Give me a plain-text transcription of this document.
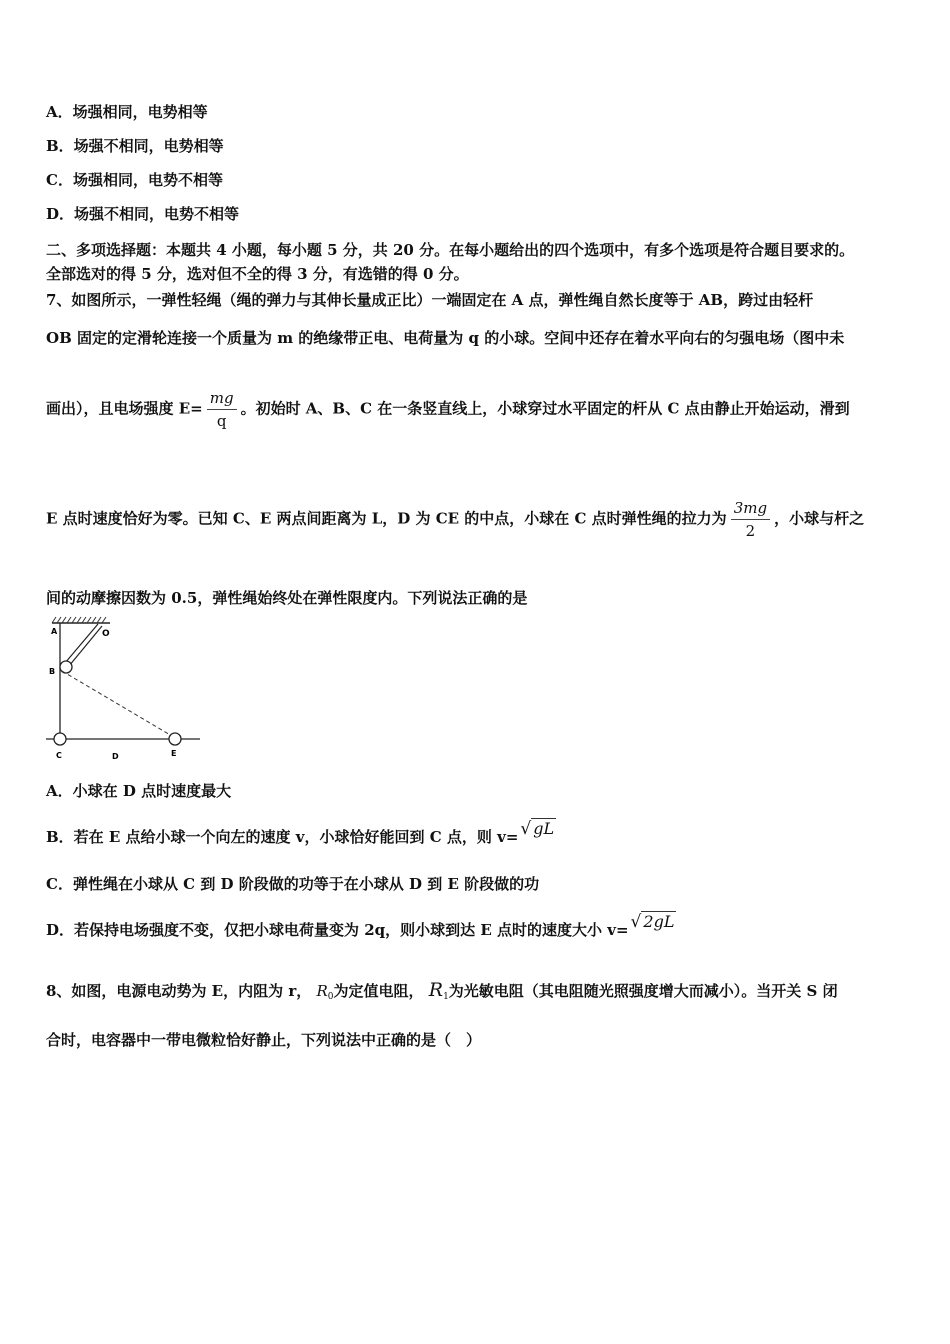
A．场强相同，电势相等
B．场强不相同，电势相等
C．场强相同，电势不相等
D．场强不相同，电势不相等
二、多项选择题：本题共 4 小题，每小题 5 分，共 20 分。在每小题给出的四个选项中，有多个选项是符合题目要求的。
全部选对的得 5 分，选对但不全的得 3 分，有选错的得 0 分。
7、如图所示，一弹性轻绳（绳的弹力与其伸长量成正比）一端固定在 A 点，弹性绳自然长度等于 AB，跨过由轻杆
OB 固定的定滑轮连接一个质量为 m 的绝缘带正电、电荷量为 q 的小球。空间中还存在着水平向右的匀强电场（图中未
画出），且电场强度 $E= \frac{mg}{q}$ 。初始时 A、B、C 在一条竖直线上，小球穿过水平固定的杆从 C 点由静止开始运动，滑到
E 点时速度恰好为零。已知 C、E 两点间距离为 L，D 为 CE 的中点，小球在 C 点时弹性绳的拉力为 $\frac{3mg}{2}$ ，小球与杆之
间的动摩擦因数为 0.5，弹性绳始终处在弹性限度内。下列说法正确的是
A	O
B
C	D	E
A．小球在 D 点时速度最大
B．若在 E 点给小球一个向左的速度 v，小球恰好能回到 C 点，则 v= √ gL
C．弹性绳在小球从 C 到 D 阶段做的功等于在小球从 D 到 E 阶段做的功
D．若保持电场强度不变，仅把小球电荷量变为 2q，则小球到达 E 点时的速度大小 v= √ 2gL
8、如图，电源电动势为 E，内阻为 r， $R_0$为定值电阻， $R_1$为光敏电阻（其电阻随光照强度增大而减小）。当开关 S 闭
合时，电容器中一带电微粒恰好静止，下列说法中正确的是（　）
